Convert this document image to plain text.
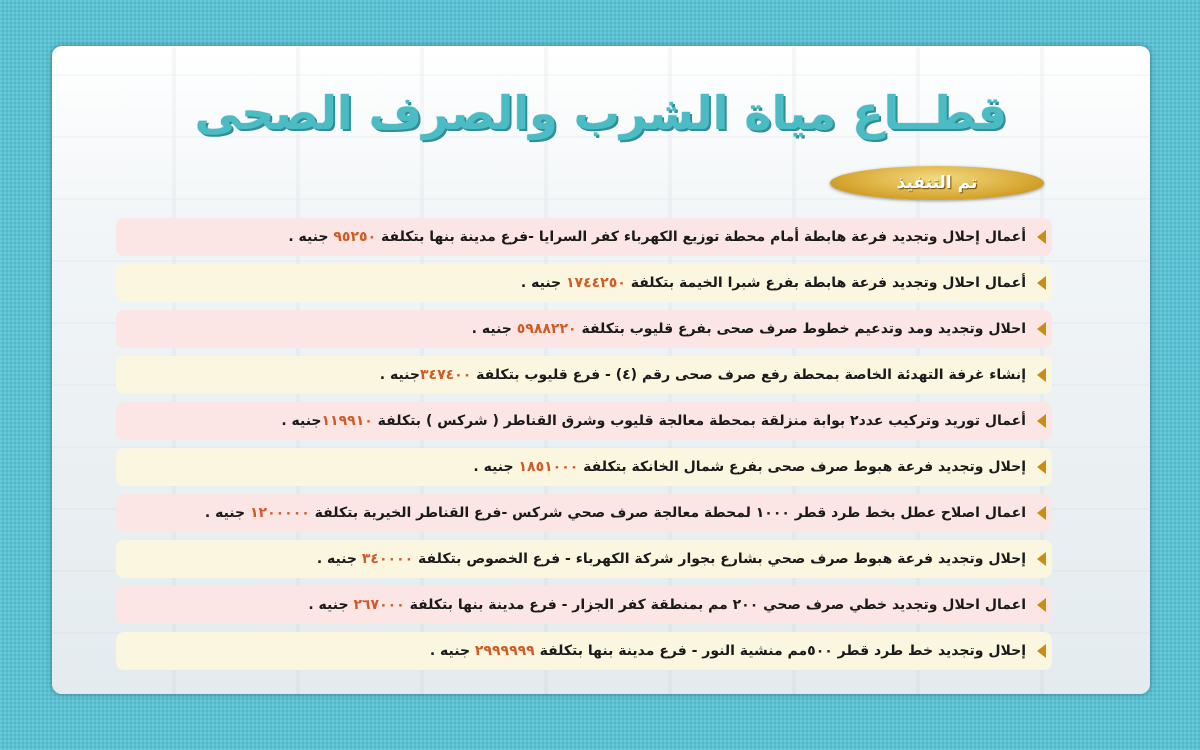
قطــاع مياة الشرب والصرف الصحى
تم التنفيذ
أعمال إحلال وتجديد فرعة هابطة أمام محطة توزيع الكهرباء كفر السرايا -فرع مدينة بنها بتكلفة ٩٥٢٥٠ جنيه .
أعمال احلال وتجديد فرعة هابطة بفرع شبرا الخيمة بتكلفة ١٧٤٤٢٥٠ جنيه .
احلال وتجديد ومد وتدعيم خطوط صرف صحى بفرع قليوب بتكلفة ٥٩٨٨٢٢٠ جنيه .
إنشاء غرفة التهدئة الخاصة بمحطة رفع صرف صحى رقم (٤) - فرع قليوب بتكلفة ٣٤٧٤٠٠جنيه .
أعمال توريد وتركيب عدد٢ بوابة منزلقة بمحطة معالجة قليوب وشرق القناطر ( شركس ) بتكلفة ١١٩٩١٠جنيه .
إحلال وتجديد فرعة هبوط صرف صحى بفرع شمال الخانكة بتكلفة ١٨٥١٠٠٠ جنيه .
اعمال اصلاح عطل بخط طرد قطر ١٠٠٠ لمحطة معالجة صرف صحي شركس -فرع القناطر الخيرية بتكلفة ١٢٠٠٠٠٠ جنيه .
إحلال وتجديد فرعة هبوط صرف صحي بشارع بجوار شركة الكهرباء - فرع الخصوص بتكلفة ٣٤٠٠٠٠ جنيه .
اعمال احلال وتجديد خطي صرف صحي ٢٠٠ مم بمنطقة كفر الجزار - فرع مدينة بنها بتكلفة ٢٦٧٠٠٠ جنيه .
إحلال وتجديد خط طرد قطر ٥٠٠مم منشية النور - فرع مدينة بنها بتكلفة ٢٩٩٩٩٩٩ جنيه .
